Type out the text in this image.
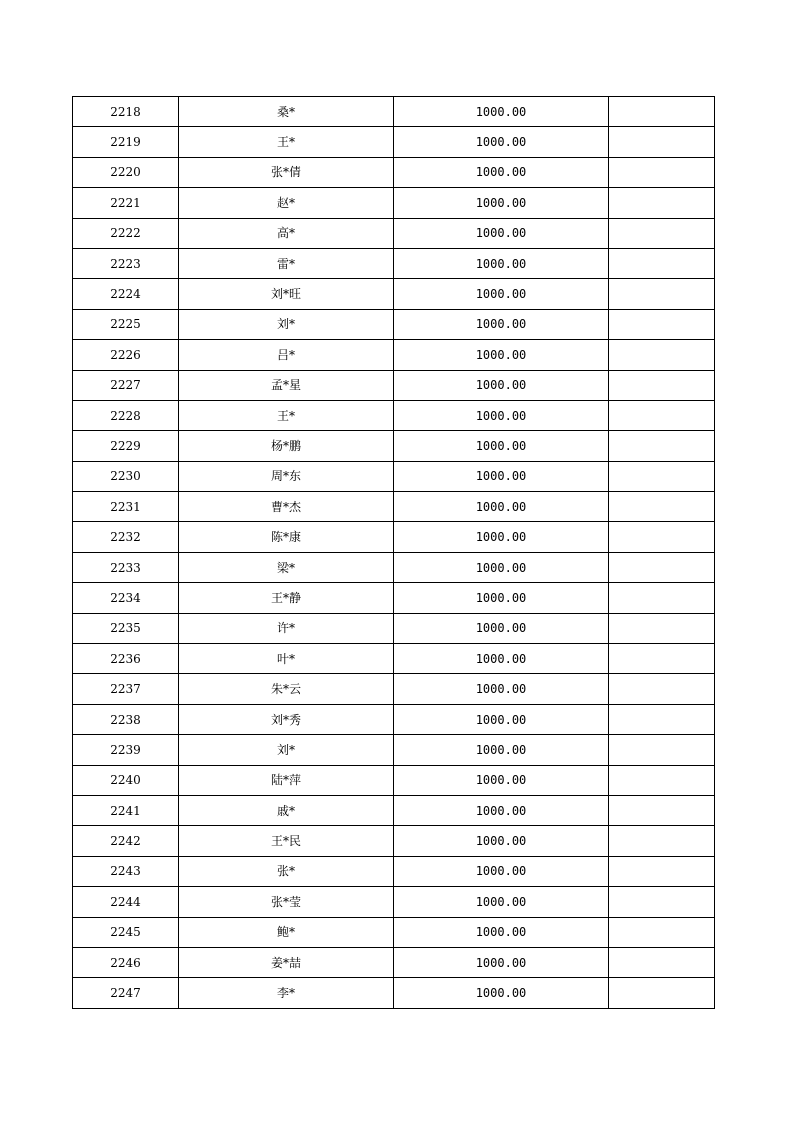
2218	桑*	1000.00	
2219	王*	1000.00	
2220	张*倩	1000.00	
2221	赵*	1000.00	
2222	高*	1000.00	
2223	雷*	1000.00	
2224	刘*旺	1000.00	
2225	刘*	1000.00	
2226	吕*	1000.00	
2227	孟*星	1000.00	
2228	王*	1000.00	
2229	杨*鹏	1000.00	
2230	周*东	1000.00	
2231	曹*杰	1000.00	
2232	陈*康	1000.00	
2233	梁*	1000.00	
2234	王*静	1000.00	
2235	许*	1000.00	
2236	叶*	1000.00	
2237	朱*云	1000.00	
2238	刘*秀	1000.00	
2239	刘*	1000.00	
2240	陆*萍	1000.00	
2241	戚*	1000.00	
2242	王*民	1000.00	
2243	张*	1000.00	
2244	张*莹	1000.00	
2245	鲍*	1000.00	
2246	姜*喆	1000.00	
2247	李*	1000.00	
